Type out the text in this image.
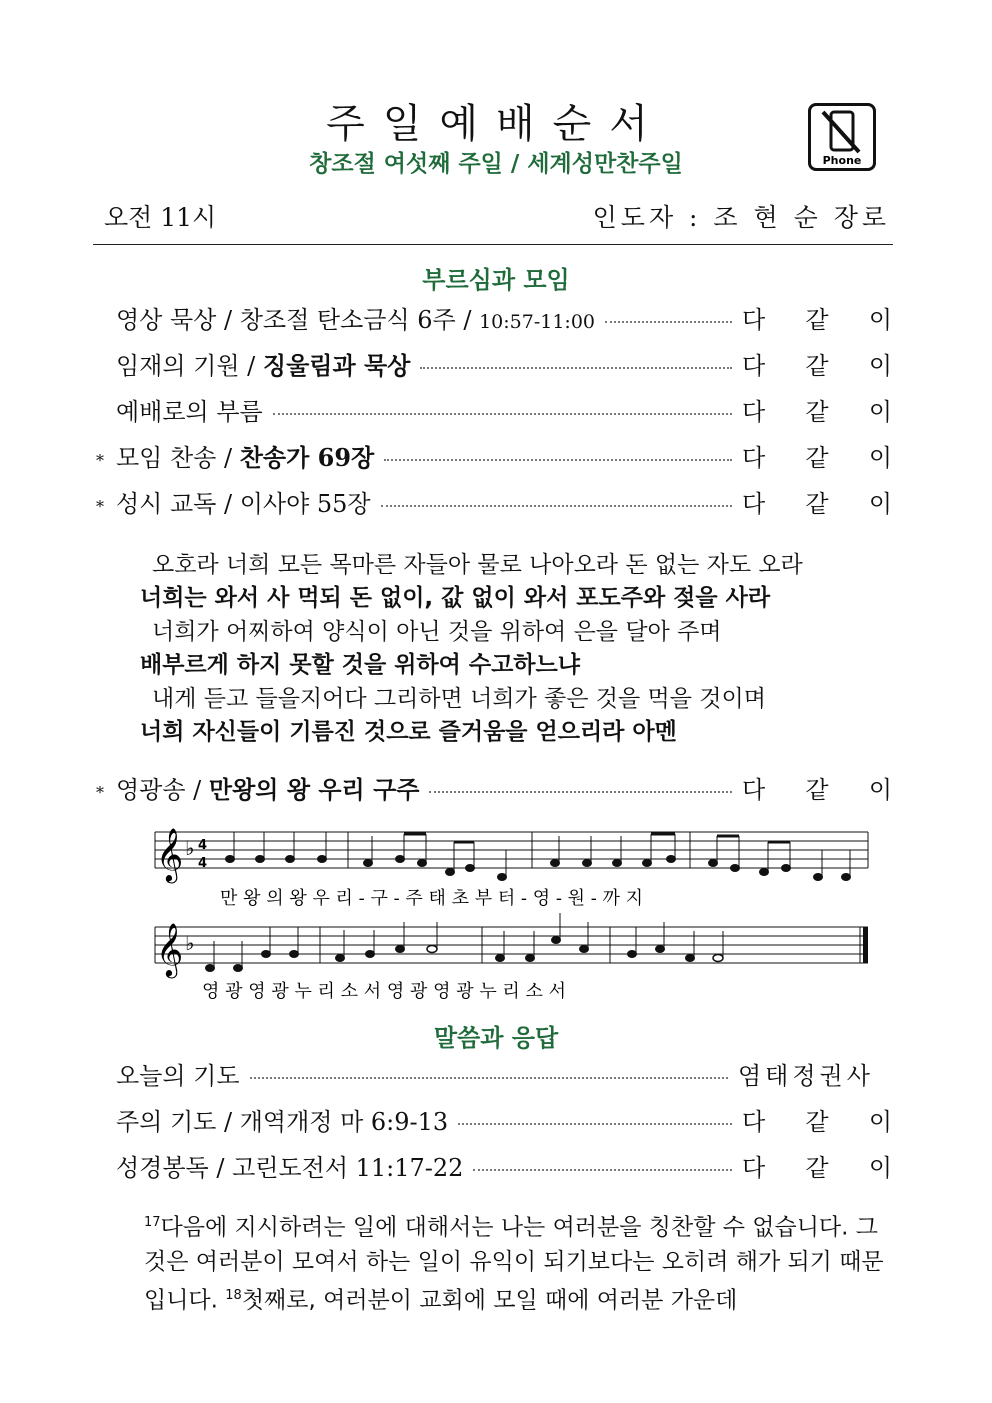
주일예배순서
창조절 여섯째 주일 / 세계성만찬주일	Phone
오전 11시	인도자 : 조 현 순 장로
부르심과 모임
영상 묵상 / 창조절 탄소금식 6주 / 10:57-11:00	다 같 이
임재의 기원 / 징울림과 묵상	다 같 이
예배로의 부름	다 같 이
* 모임 찬송 / 찬송가 69장	다 같 이
* 성시 교독 / 이사야 55장	다 같 이
오호라 너희 모든 목마른 자들아 물로 나아오라 돈 없는 자도 오라
너희는 와서 사 먹되 돈 없이, 값 없이 와서 포도주와 젖을 사라
너희가 어찌하여 양식이 아닌 것을 위하여 은을 달아 주며
배부르게 하지 못할 것을 위하여 수고하느냐
내게 듣고 들을지어다 그리하면 너희가 좋은 것을 먹을 것이며
너희 자신들이 기름진 것으로 즐거움을 얻으리라 아멘
* 영광송 / 만왕의 왕 우리 구주	다 같 이
𝄞 ♭ 4
4
만 왕 의 왕 우 리 - 구 - 주 태 초 부 터 - 영 - 원 - 까 지
𝄞 ♭
영 광 영 광 누 리 소 서 영 광 영 광 누 리 소 서
말씀과 응답
오늘의 기도	염태정권사
주의 기도 / 개역개정 마 6:9-13	다 같 이
성경봉독 / 고린도전서 11:17-22	다 같 이
$^{17}$다음에 지시하려는 일에 대해서는 나는 여러분을 칭찬할 수 없습니다. 그것은 여러분이 모여서 하는 일이 유익이 되기보다는 오히려 해가 되기 때문입니다. $^{18}$첫째로, 여러분이 교회에 모일 때에 여러분 가운데
